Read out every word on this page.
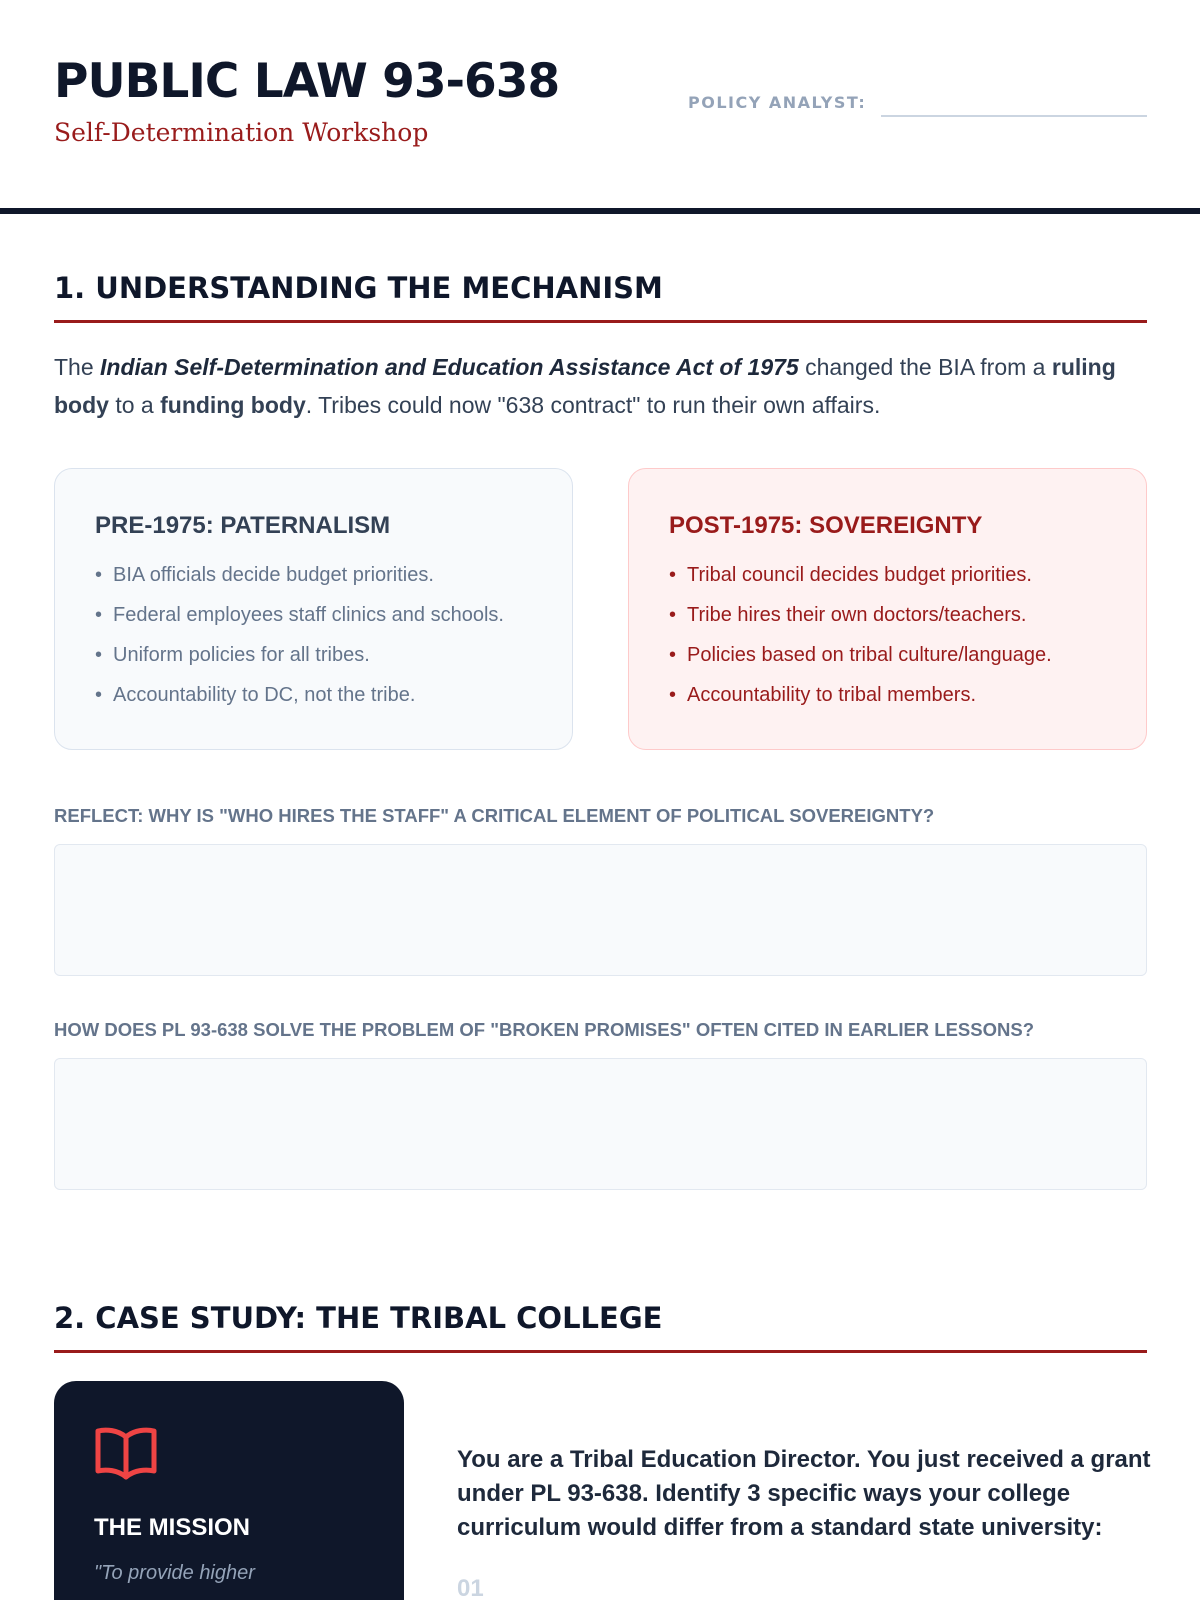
PUBLIC LAW 93-638
Self-Determination Workshop
POLICY ANALYST:
1. UNDERSTANDING THE MECHANISM

The Indian Self-Determination and Education Assistance Act of 1975 changed the BIA from a ruling body to a funding body. Tribes could now "638 contract" to run their own affairs.

PRE-1975: PATERNALISM
• BIA officials decide budget priorities.
• Federal employees staff clinics and schools.
• Uniform policies for all tribes.
• Accountability to DC, not the tribe.
POST-1975: SOVEREIGNTY
• Tribal council decides budget priorities.
• Tribe hires their own doctors/teachers.
• Policies based on tribal culture/language.
• Accountability to tribal members.
REFLECT: WHY IS "WHO HIRES THE STAFF" A CRITICAL ELEMENT OF POLITICAL SOVEREIGNTY?
HOW DOES PL 93-638 SOLVE THE PROBLEM OF "BROKEN PROMISES" OFTEN CITED IN EARLIER LESSONS?
2. CASE STUDY: THE TRIBAL COLLEGE
THE MISSION
"To provide higher

You are a Tribal Education Director. You just received a grant under PL 93-638. Identify 3 specific ways your college curriculum would differ from a standard state university:

01
